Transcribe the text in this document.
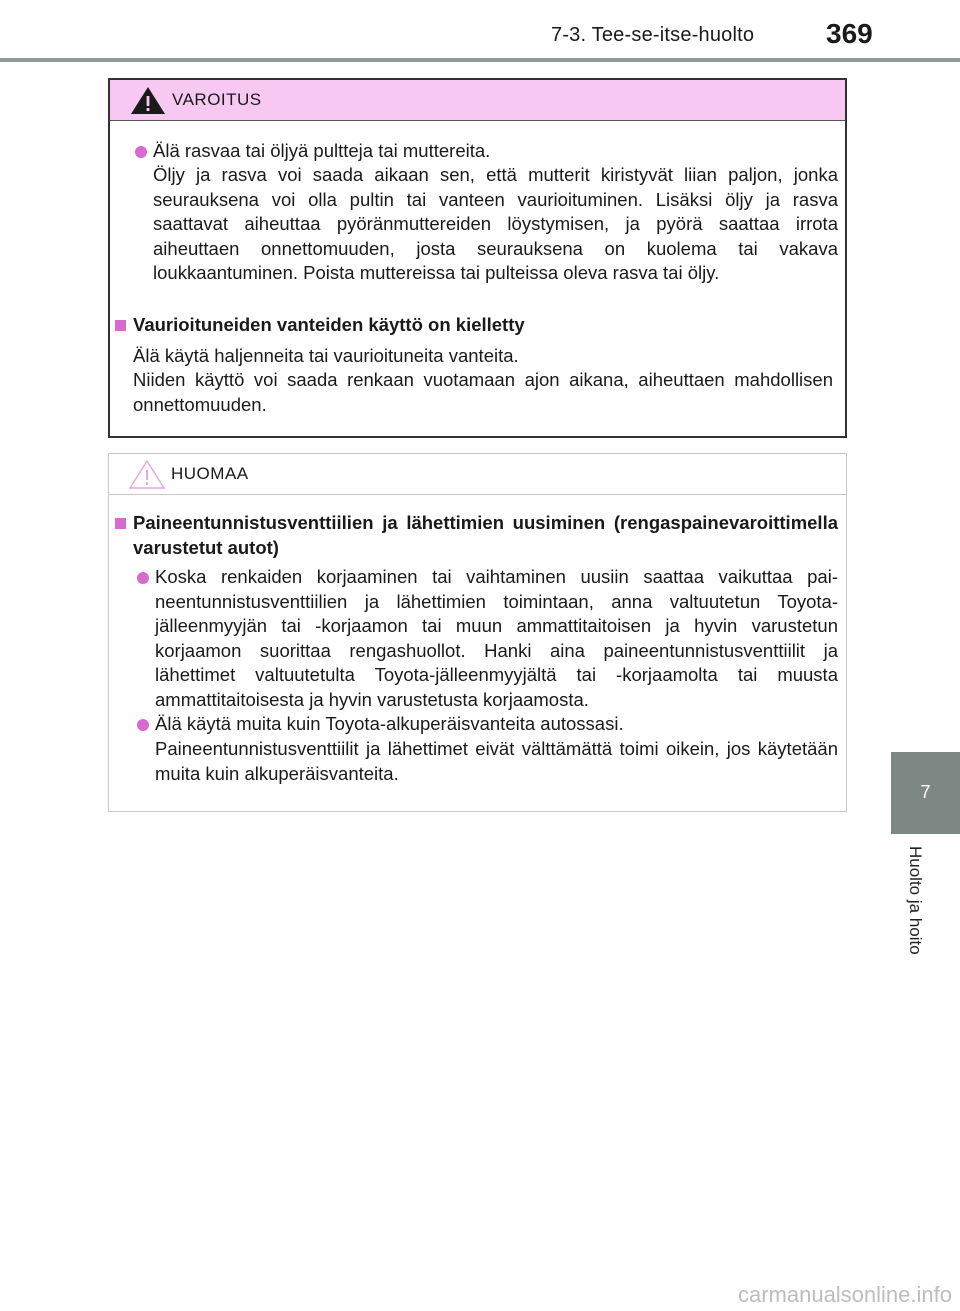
7-3. Tee-se-itse-huolto	369
7
Huolto ja hoito
VAROITUS
Älä rasvaa tai öljyä pultteja tai muttereita.
Öljy ja rasva voi saada aikaan sen, että mutterit kiristyvät liian paljon, jonka seurauksena voi olla pultin tai vanteen vaurioituminen. Lisäksi öljy ja rasva saattavat aiheuttaa pyöränmuttereiden löystymisen, ja pyörä saattaa irrota aiheuttaen onnettomuuden, josta seurauksena on kuolema tai vakava loukkaantuminen. Poista muttereissa tai pulteissa oleva rasva tai öljy.
Vaurioituneiden vanteiden käyttö on kielletty
Älä käytä haljenneita tai vaurioituneita vanteita.
Niiden käyttö voi saada renkaan vuotamaan ajon aikana, aiheuttaen mahdollisen onnettomuuden.
HUOMAA
Paineentunnistusventtiilien ja lähettimien uusiminen (rengaspainevaroittimella varustetut autot)
Koska renkaiden korjaaminen tai vaihtaminen uusiin saattaa vaikuttaa paineentunnistusventtiilien ja lähettimien toimintaan, anna valtuutetun Toyota-jälleenmyyjän tai -korjaamon tai muun ammattitaitoisen ja hyvin varustetun korjaamon suorittaa rengashuollot. Hanki aina paineentunnistusventtiilit ja lähettimet valtuutetulta Toyota-jälleenmyyjältä tai -korjaamolta tai muusta ammattitaitoisesta ja hyvin varustetusta korjaamosta.
Älä käytä muita kuin Toyota-alkuperäisvanteita autossasi.
Paineentunnistusventtiilit ja lähettimet eivät välttämättä toimi oikein, jos käytetään muita kuin alkuperäisvanteita.
carmanualsonline.info
